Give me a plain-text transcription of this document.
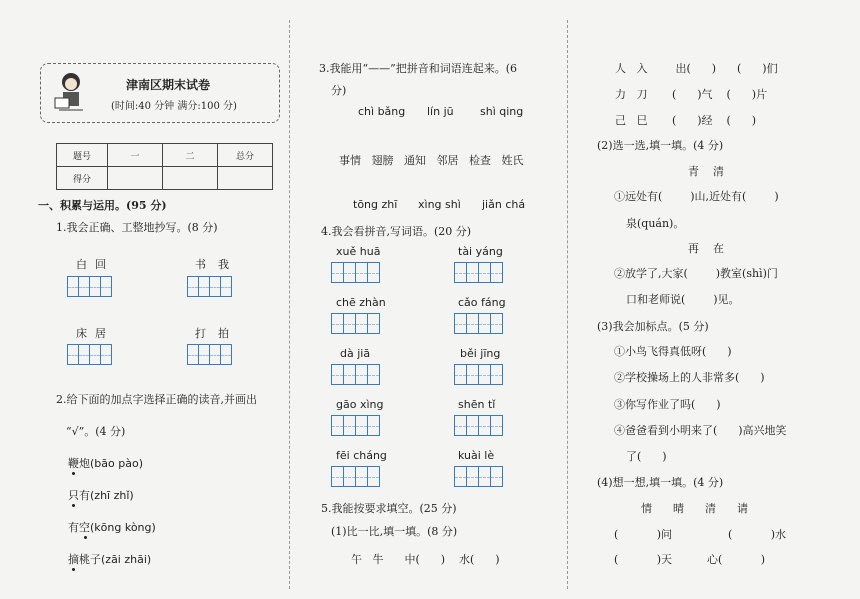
津南区期末试卷
(时间:40 分钟 满分:100 分)
题号	一	二	总分
得分			
一、积累与运用。(95 分)
1.我会正确、工整地抄写。(8 分)
白回	书我
床居	打拍
2.给下面的加点字选择正确的读音,并画出
“√”。(4 分)
鞭炮(bāo pào)
只有(zhī zhǐ)
有空(kōng kòng)
摘桃子(zāi zhāi)
3.我能用“——”把拼音和词语连起来。(6
分)
chì bǎng lín jū shì qing
事情   翅膀   通知   邻居   检查   姓氏
tōng zhī xìng shì jiǎn chá
4.我会看拼音,写词语。(20 分)
xuě huā	tài yáng
chē zhàn	cǎo fáng
dà jiā	běi jīng
gāo xìng	shēn tǐ
fēi cháng	kuài lè
5.我能按要求填空。(25 分)
(1)比一比,填一填。(8 分)
午   牛      中(      )    水(      )
人   入        出(      )      (      )们
力   刀       (      )气    (      )片
己   巳       (      )经    (      )
(2)选一选,填一填。(4 分)
青    清
①远处有(        )山,近处有(        )
泉(quán)。
再    在
②放学了,大家(        )教室(shì)门
口和老师说(        )见。
(3)我会加标点。(5 分)
①小鸟飞得真低呀(      )
②学校操场上的人非常多(      )
③你写作业了吗(      )
④爸爸看到小明来了(      )高兴地笑
了(      )
(4)想一想,填一填。(4 分)
情      晴      清      请
(           )问                (           )水
(           )天          心(           )
